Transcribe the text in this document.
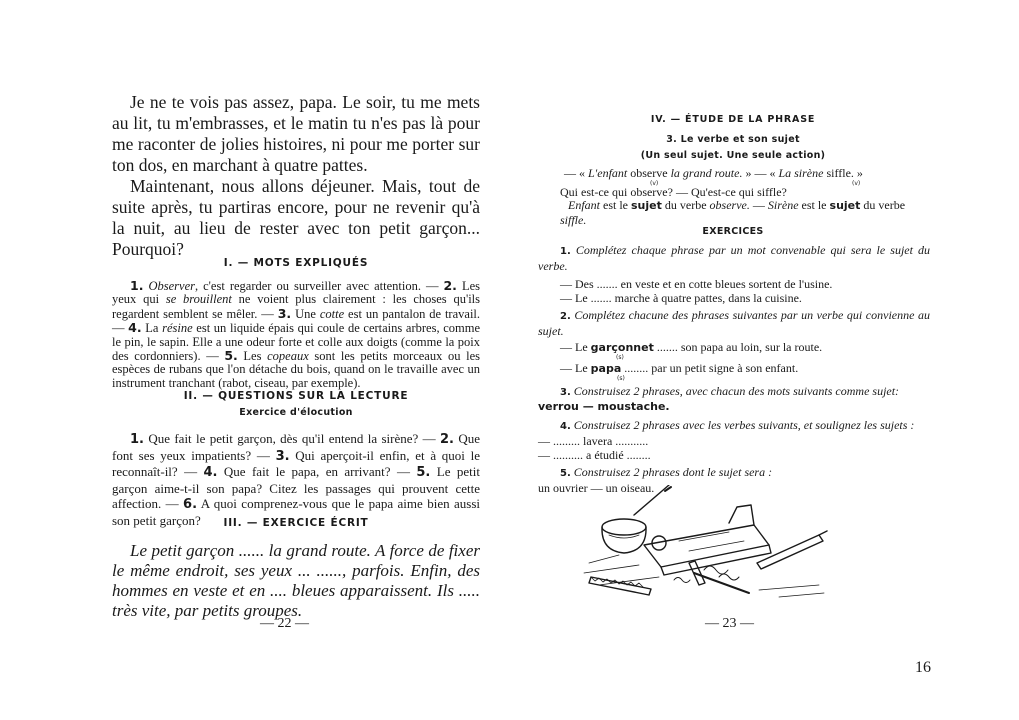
Je ne te vois pas assez, papa. Le soir, tu me mets au lit, tu m'embrasses, et le matin tu n'es pas là pour me raconter de jolies histoires, ni pour me porter sur ton dos, en marchant à quatre pattes.

Maintenant, nous allons déjeuner. Mais, tout de suite après, tu partiras encore, pour ne revenir qu'à la nuit, au lieu de rester avec ton petit garçon... Pourquoi?

I. — MOTS EXPLIQUÉS
1. Observer, c'est regarder ou surveiller avec attention. — 2. Les yeux qui se brouillent ne voient plus clairement : les choses qu'ils regardent semblent se mêler. — 3. Une cotte est un pantalon de travail. — 4. La résine est un liquide épais qui coule de certains arbres, comme le pin, le sapin. Elle a une odeur forte et colle aux doigts (comme la poix des cordonniers). — 5. Les copeaux sont les petits morceaux ou les espèces de rubans que l'on détache du bois, quand on le travaille avec un instrument tranchant (rabot, ciseau, par exemple).
II. — QUESTIONS SUR LA LECTURE
Exercice d'élocution
1. Que fait le petit garçon, dès qu'il entend la sirène? — 2. Que font ses yeux impatients? — 3. Qui aperçoit-il enfin, et à quoi le reconnaît-il? — 4. Que fait le papa, en arrivant? — 5. Le petit garçon aime-t-il son papa? Citez les passages qui prouvent cette affection. — 6. A quoi comprenez-vous que le papa aime bien aussi son petit garçon?	III. — EXERCICE ÉCRIT
Le petit garçon ...... la grand route. A force de fixer le même endroit, ses yeux ... ......, parfois. Enfin, des hommes en veste et en .... bleues apparaissent. Ils ..... très vite, par petits groupes.
— 22 —
IV. — ÉTUDE DE LA PHRASE
3. Le verbe et son sujet
(Un seul sujet. Une seule action)
— « L'enfant observe la grand route. » — « La sirène siffle. »
(v)	(v)
Qui est-ce qui observe? — Qu'est-ce qui siffle?
Enfant est le sujet du verbe observe. — Sirène est le sujet du verbe siffle.
EXERCICES
1. Complétez chaque phrase par un mot convenable qui sera le sujet du verbe.
— Des ....... en veste et en cotte bleues sortent de l'usine.
— Le ....... marche à quatre pattes, dans la cuisine.
2. Complétez chacune des phrases suivantes par un verbe qui convienne au sujet.
— Le garçonnet ....... son papa au loin, sur la route.
(s)
— Le papa ........ par un petit signe à son enfant.
(s)
3. Construisez 2 phrases, avec chacun des mots suivants comme sujet:
verrou — moustache.
4. Construisez 2 phrases avec les verbes suivants, et soulignez les sujets :
— ......... lavera ...........
— .......... a étudié ........
5. Construisez 2 phrases dont le sujet sera :
un ouvrier — un oiseau.
— 23 —
16
